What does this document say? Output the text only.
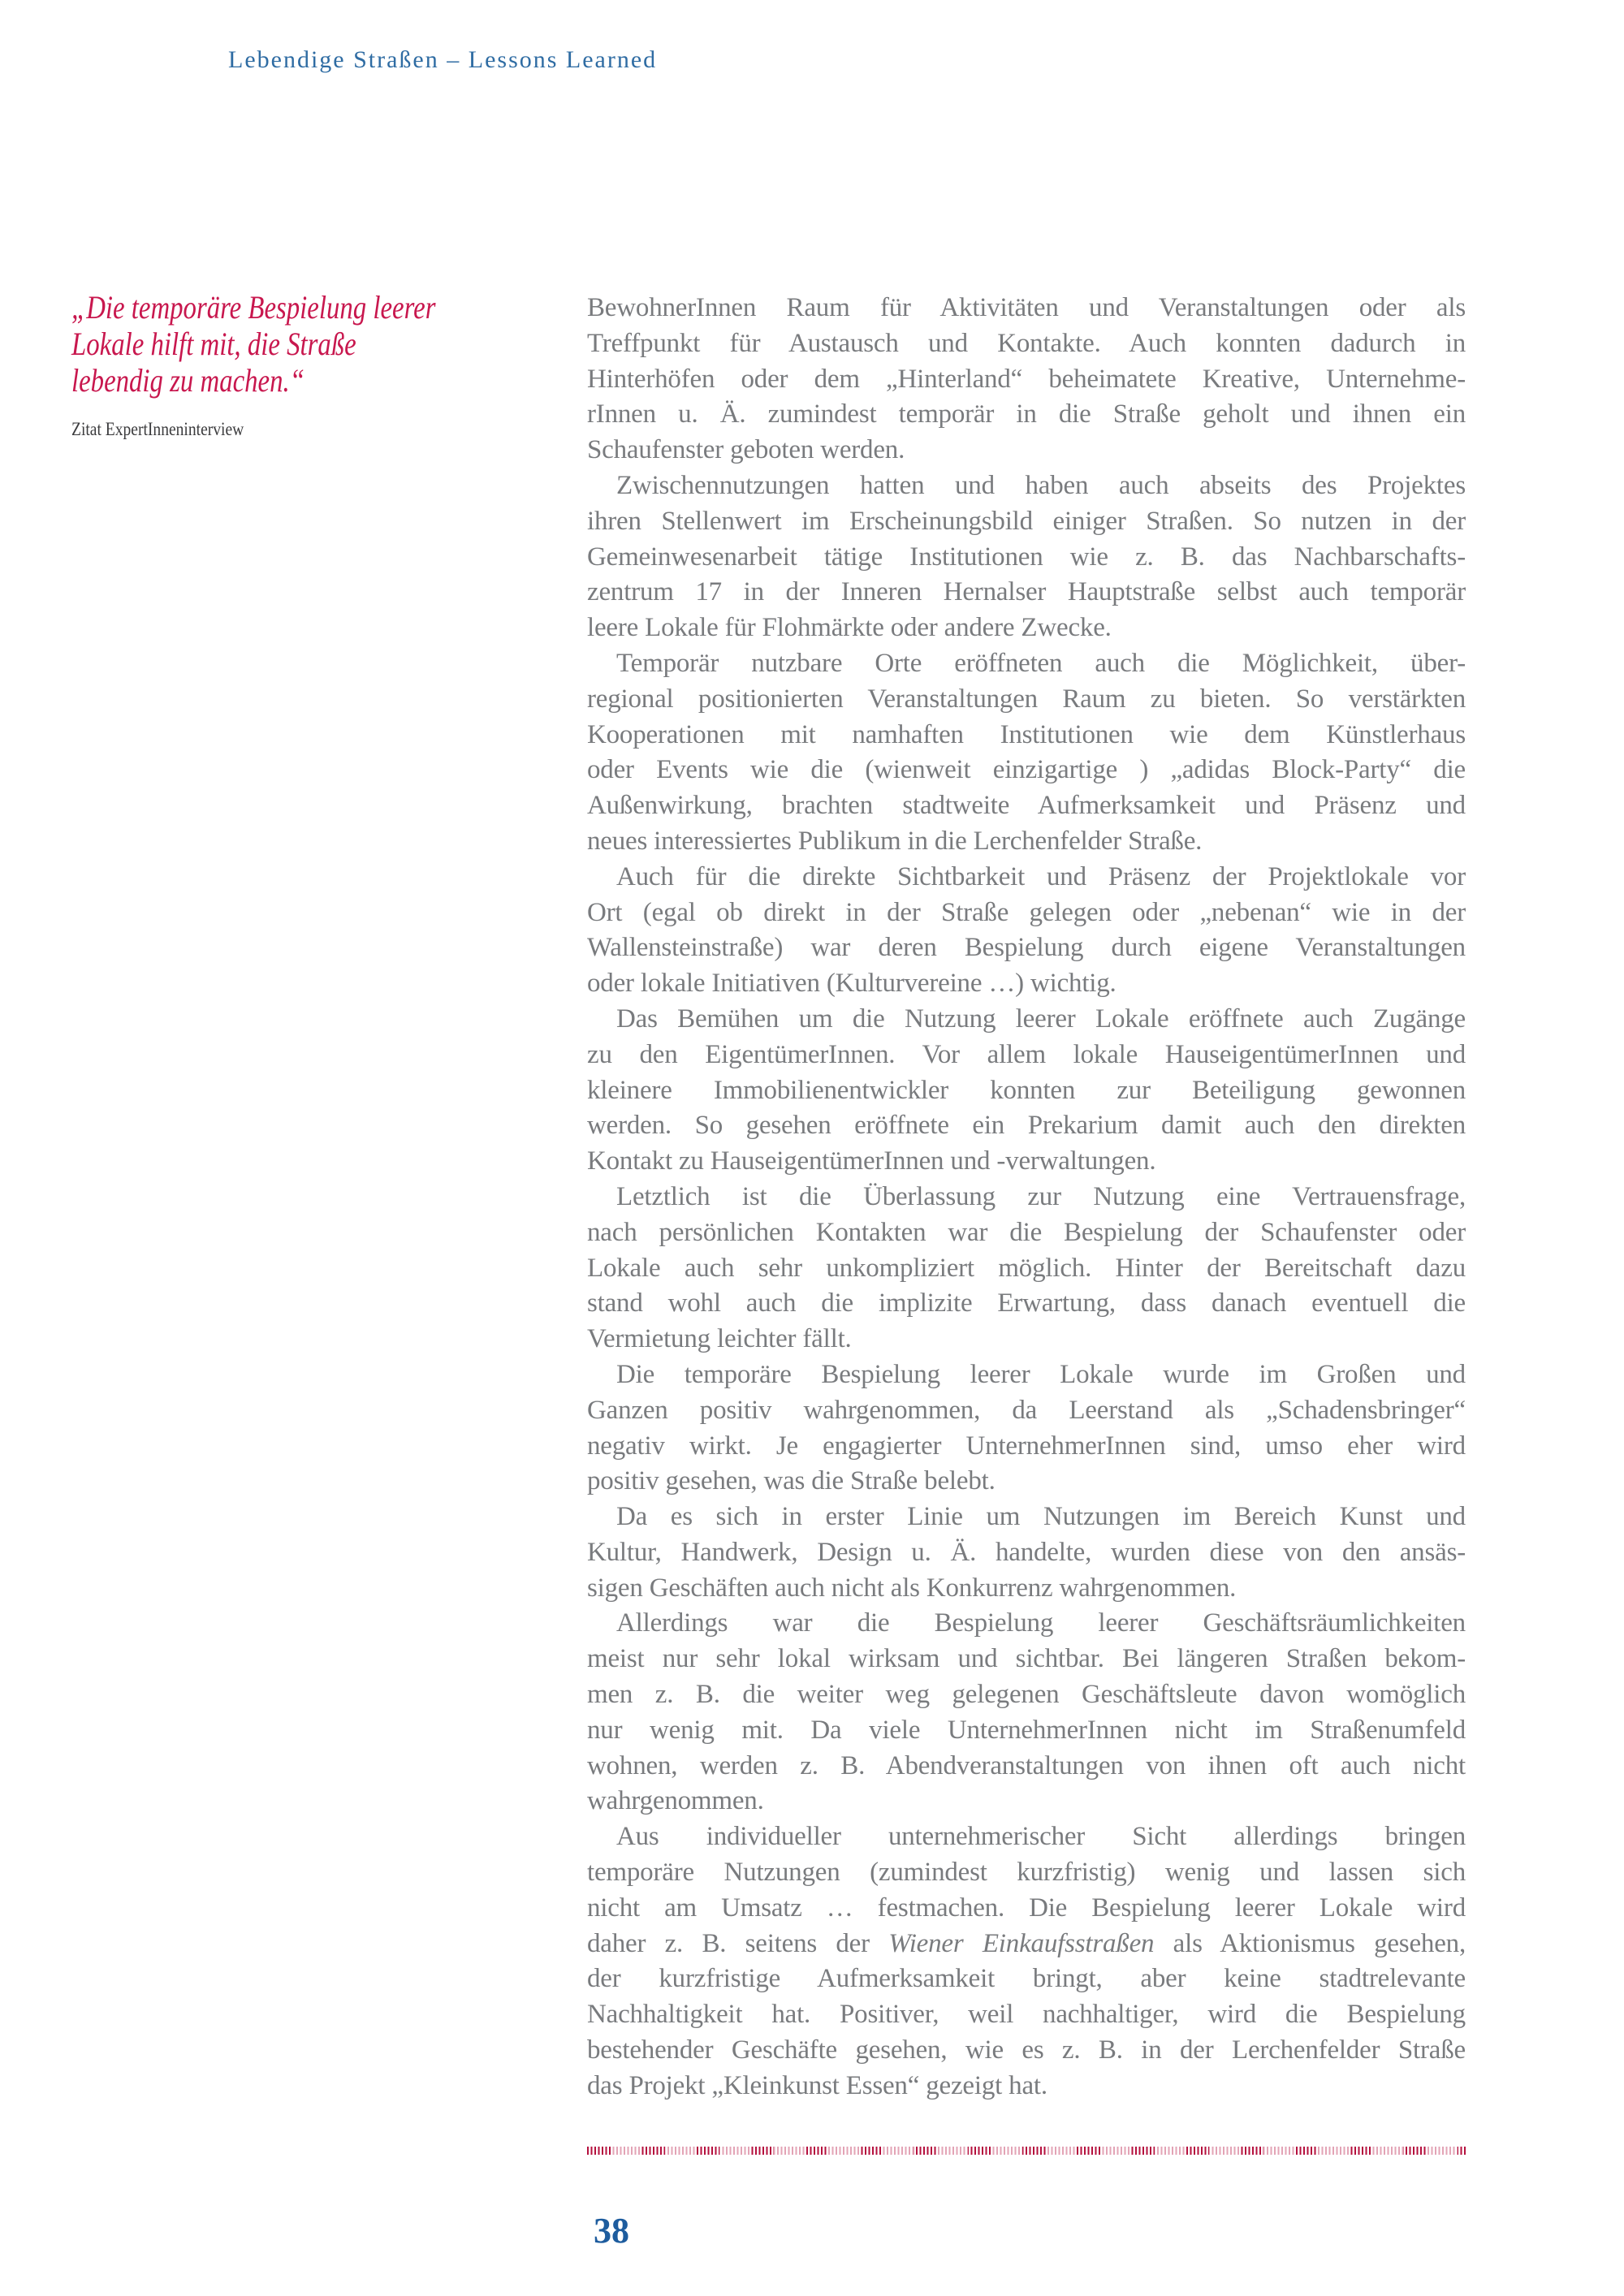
Lebendige Straßen – Lessons Learned
„Die temporäre Bespielung leerer
Lokale hilft mit, die Straße
lebendig zu machen.“
Zitat ExpertInneninterview
BewohnerInnen Raum für Aktivitäten und Veranstaltungen oder als
Treffpunkt für Austausch und Kontakte. Auch konnten dadurch in
Hinterhöfen oder dem „Hinterland“ beheimatete Kreative, Unternehme-
rInnen u. Ä. zumindest temporär in die Straße geholt und ihnen ein
Schaufenster geboten werden.
Zwischennutzungen hatten und haben auch abseits des Projektes
ihren Stellenwert im Erscheinungsbild einiger Straßen. So nutzen in der
Gemeinwesenarbeit tätige Institutionen wie z. B. das Nachbarschafts-
zentrum 17 in der Inneren Hernalser Hauptstraße selbst auch temporär
leere Lokale für Flohmärkte oder andere Zwecke.
Temporär nutzbare Orte eröffneten auch die Möglichkeit, über-
regional positionierten Veranstaltungen Raum zu bieten. So verstärkten
Kooperationen mit namhaften Institutionen wie dem Künstlerhaus
oder Events wie die (wienweit einzigartige ) „adidas Block-Party“ die
Außenwirkung, brachten stadtweite Aufmerksamkeit und Präsenz und
neues interessiertes Publikum in die Lerchenfelder Straße.
Auch für die direkte Sichtbarkeit und Präsenz der Projektlokale vor
Ort (egal ob direkt in der Straße gelegen oder „nebenan“ wie in der
Wallensteinstraße) war deren Bespielung durch eigene Veranstaltungen
oder lokale Initiativen (Kulturvereine …) wichtig.
Das Bemühen um die Nutzung leerer Lokale eröffnete auch Zugänge
zu den EigentümerInnen. Vor allem lokale HauseigentümerInnen und
kleinere Immobilienentwickler konnten zur Beteiligung gewonnen
werden. So gesehen eröffnete ein Prekarium damit auch den direkten
Kontakt zu HauseigentümerInnen und -verwaltungen.
Letztlich ist die Überlassung zur Nutzung eine Vertrauensfrage,
nach persönlichen Kontakten war die Bespielung der Schaufenster oder
Lokale auch sehr unkompliziert möglich. Hinter der Bereitschaft dazu
stand wohl auch die implizite Erwartung, dass danach eventuell die
Vermietung leichter fällt.
Die temporäre Bespielung leerer Lokale wurde im Großen und
Ganzen positiv wahrgenommen, da Leerstand als „Schadensbringer“
negativ wirkt. Je engagierter UnternehmerInnen sind, umso eher wird
positiv gesehen, was die Straße belebt.
Da es sich in erster Linie um Nutzungen im Bereich Kunst und
Kultur, Handwerk, Design u. Ä. handelte, wurden diese von den ansäs-
sigen Geschäften auch nicht als Konkurrenz wahrgenommen.
Allerdings war die Bespielung leerer Geschäftsräumlichkeiten
meist nur sehr lokal wirksam und sichtbar. Bei längeren Straßen bekom-
men z. B. die weiter weg gelegenen Geschäftsleute davon womöglich
nur wenig mit. Da viele UnternehmerInnen nicht im Straßenumfeld
wohnen, werden z. B. Abendveranstaltungen von ihnen oft auch nicht
wahrgenommen.
Aus individueller unternehmerischer Sicht allerdings bringen
temporäre Nutzungen (zumindest kurzfristig) wenig und lassen sich
nicht am Umsatz … festmachen. Die Bespielung leerer Lokale wird
daher z. B. seitens der Wiener Einkaufsstraßen als Aktionismus gesehen,
der kurzfristige Aufmerksamkeit bringt, aber keine stadtrelevante
Nachhaltigkeit hat. Positiver, weil nachhaltiger, wird die Bespielung
bestehender Geschäfte gesehen, wie es z. B. in der Lerchenfelder Straße
das Projekt „Kleinkunst Essen“ gezeigt hat.
38
